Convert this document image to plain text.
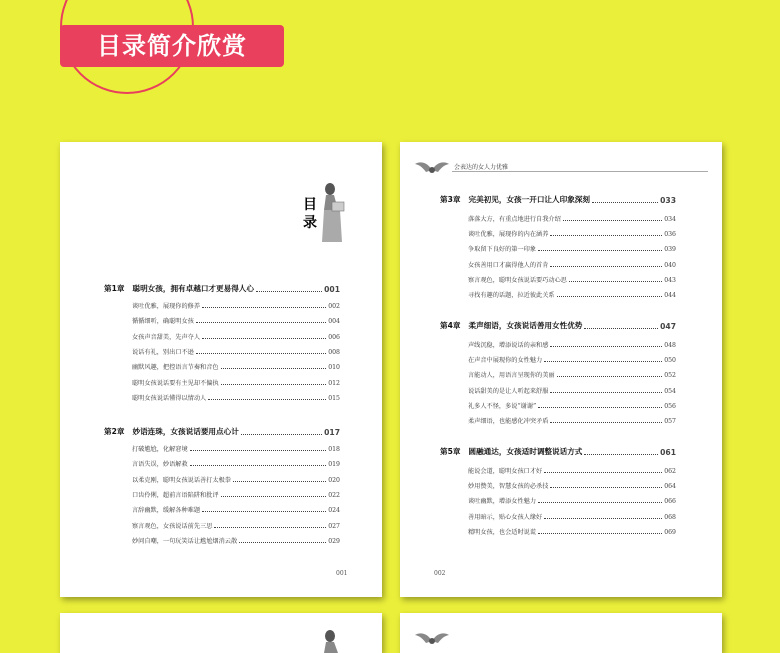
目录简介欣赏
目录
第1章 聪明女孩，拥有卓越口才更易得人心	001
谈吐优雅，展现你的修养	002
循循细听，确聪明女孩	004
女孩声音甜美，先声夺人	006
说话有礼，别出口不逊	008
幽默风趣，把控语言节奏和音色	010
聪明女孩说话要有主见却不偏执	012
聪明女孩说话懂得以情动人	015
第2章 妙语连珠，女孩说话要用点心计	017
打破尴尬，化解窘境	018
言语失误，妙语解救	019
以柔克刚，聪明女孩说话善打太极拳	020
口齿伶俐，超前言语陷阱和批评	022
言辞幽默，缓解各种难题	024
察言观色，女孩说话前先三思	027
妙问自嘲，一句玩笑话让尴尬烟消云散	029
001
会表达的女人力优雅
第3章 完美初见，女孩一开口让人印象深刻	033
落落大方，有重点地进行自我介绍	034
谈吐优雅，展现你的内在涵养	036
争取留下良好的第一印象	039
女孩善用口才赢得他人的首肯	040
察言观色，聪明女孩说话要巧动心思	043
寻找有趣的话题，拉近彼此关系	044
第4章 柔声细语，女孩说话善用女性优势	047
声线沉稳，增添说话的亲和感	048
在声音中展现你的女性魅力	050
言能动人，用语言呈现你的美丽	052
说话甜美的是让人听起来舒服	054
礼多人不怪，多说“谢谢”	056
柔声细语，也能感化冲突矛盾	057
第5章 圆融通达，女孩适时调整说话方式	061
能说会道，聪明女孩口才好	062
妙用赞美，智慧女孩的必杀技	064
谈吐幽默，增添女性魅力	066
善用暗示，贴心女孩人缘好	068
精明女孩，也会适时说谎	069
002
